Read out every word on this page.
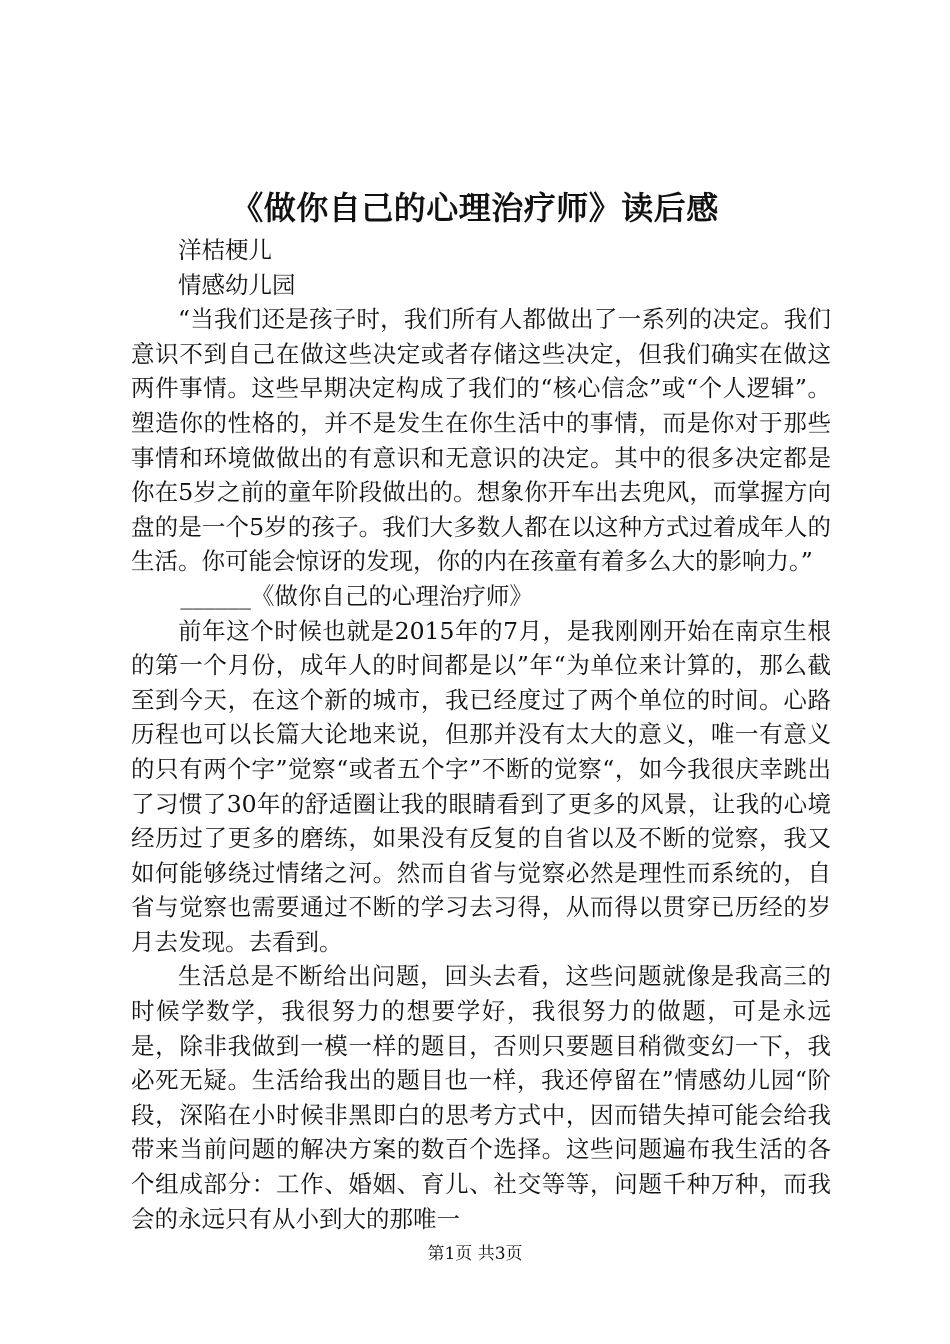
《做你自己的心理治疗师》读后感

洋桔梗儿

情感幼儿园

“当我们还是孩子时，我们所有人都做出了一系列的决定。我们意识不到自己在做这些决定或者存储这些决定，但我们确实在做这两件事情。这些早期决定构成了我们的“核心信念”或“个人逻辑”。塑造你的性格的，并不是发生在你生活中的事情，而是你对于那些事情和环境做做出的有意识和无意识的决定。其中的很多决定都是你在5岁之前的童年阶段做出的。想象你开车出去兜风，而掌握方向盘的是一个5岁的孩子。我们大多数人都在以这种方式过着成年人的生活。你可能会惊讶的发现，你的内在孩童有着多么大的影响力。”

______《做你自己的心理治疗师》

前年这个时候也就是2015年的7月，是我刚刚开始在南京生根的第一个月份，成年人的时间都是以”年“为单位来计算的，那么截至到今天，在这个新的城市，我已经度过了两个单位的时间。心路历程也可以长篇大论地来说，但那并没有太大的意义，唯一有意义的只有两个字”觉察“或者五个字”不断的觉察“，如今我很庆幸跳出了习惯了30年的舒适圈让我的眼睛看到了更多的风景，让我的心境经历过了更多的磨练，如果没有反复的自省以及不断的觉察，我又如何能够绕过情绪之河。然而自省与觉察必然是理性而系统的，自省与觉察也需要通过不断的学习去习得，从而得以贯穿已历经的岁月去发现。去看到。

生活总是不断给出问题，回头去看，这些问题就像是我高三的时候学数学，我很努力的想要学好，我很努力的做题，可是永远是，除非我做到一模一样的题目，否则只要题目稍微变幻一下，我必死无疑。生活给我出的题目也一样，我还停留在”情感幼儿园“阶段，深陷在小时候非黑即白的思考方式中，因而错失掉可能会给我带来当前问题的解决方案的数百个选择。这些问题遍布我生活的各个组成部分：工作、婚姻、育儿、社交等等，问题千种万种，而我会的永远只有从小到大的那唯一

第1页 共3页
